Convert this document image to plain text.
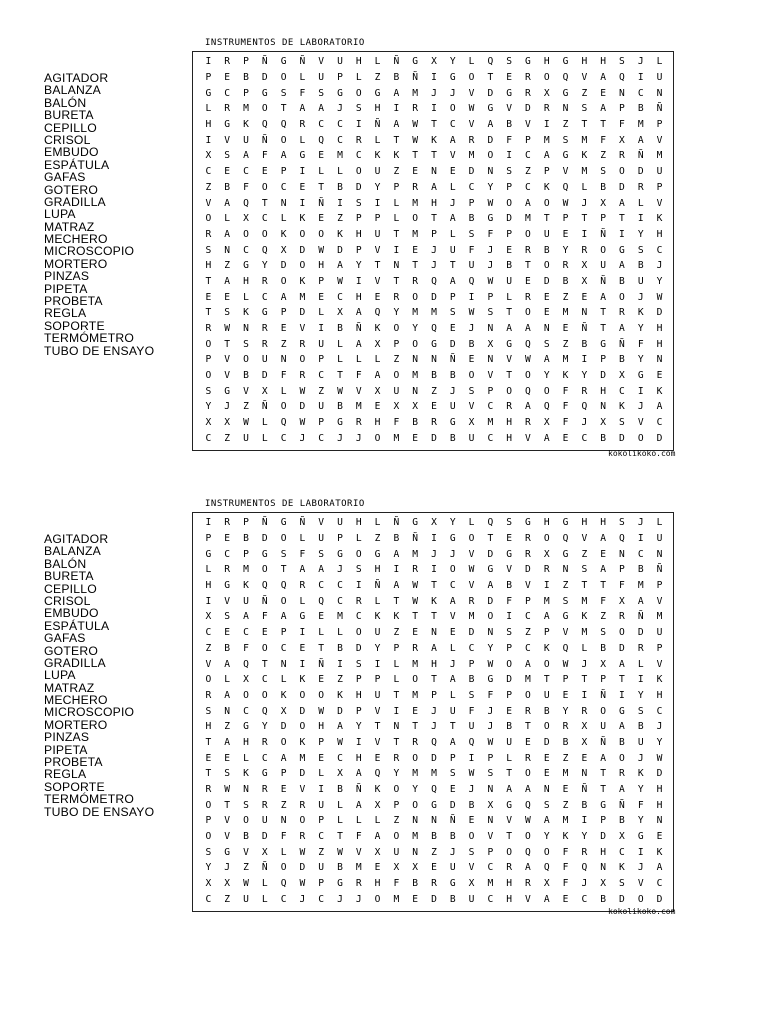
INSTRUMENTOS DE LABORATORIO
AGITADOR
BALANZA
BALÓN
BURETA
CEPILLO
CRISOL
EMBUDO
ESPÁTULA
GAFAS
GOTERO
GRADILLA
LUPA
MATRAZ
MECHERO
MICROSCOPIO
MORTERO
PINZAS
PIPETA
PROBETA
REGLA
SOPORTE
TERMÓMETRO
TUBO DE ENSAYO
I	R	P	Ñ	G	Ñ	V	U	H	L	Ñ	G	X	Y	L	Q	S	G	H	G	H	H	S	J	L
P	E	B	D	O	L	U	P	L	Z	B	Ñ	I	G	O	T	E	R	O	Q	V	A	Q	I	U
G	C	P	G	S	F	S	G	O	G	A	M	J	J	V	D	G	R	X	G	Z	E	N	C	N
L	R	M	O	T	A	A	J	S	H	I	R	I	O	W	G	V	D	R	N	S	A	P	B	Ñ
H	G	K	Q	Q	R	C	C	I	Ñ	A	W	T	C	V	A	B	V	I	Z	T	T	F	M	P
I	V	U	Ñ	O	L	Q	C	R	L	T	W	K	A	R	D	F	P	M	S	M	F	X	A	V
X	S	A	F	A	G	E	M	C	K	K	T	T	V	M	O	I	C	A	G	K	Z	R	Ñ	M
C	E	C	E	P	I	L	L	O	U	Z	E	N	E	D	N	S	Z	P	V	M	S	O	D	U
Z	B	F	O	C	E	T	B	D	Y	P	R	A	L	C	Y	P	C	K	Q	L	B	D	R	P
V	A	Q	T	N	I	Ñ	I	S	I	L	M	H	J	P	W	O	A	O	W	J	X	A	L	V
O	L	X	C	L	K	E	Z	P	P	L	O	T	A	B	G	D	M	T	P	T	P	T	I	K
R	A	O	O	K	O	O	K	H	U	T	M	P	L	S	F	P	O	U	E	I	Ñ	I	Y	H
S	N	C	Q	X	D	W	D	P	V	I	E	J	U	F	J	E	R	B	Y	R	O	G	S	C
H	Z	G	Y	D	O	H	A	Y	T	N	T	J	T	U	J	B	T	O	R	X	U	A	B	J
T	A	H	R	O	K	P	W	I	V	T	R	Q	A	Q	W	U	E	D	B	X	Ñ	B	U	Y
E	E	L	C	A	M	E	C	H	E	R	O	D	P	I	P	L	R	E	Z	E	A	O	J	W
T	S	K	G	P	D	L	X	A	Q	Y	M	M	S	W	S	T	O	E	M	N	T	R	K	D
R	W	N	R	E	V	I	B	Ñ	K	O	Y	Q	E	J	N	A	A	N	E	Ñ	T	A	Y	H
O	T	S	R	Z	R	U	L	A	X	P	O	G	D	B	X	G	Q	S	Z	B	G	Ñ	F	H
P	V	O	U	N	O	P	L	L	L	Z	N	N	Ñ	E	N	V	W	A	M	I	P	B	Y	N
O	V	B	D	F	R	C	T	F	A	O	M	B	B	O	V	T	O	Y	K	Y	D	X	G	E
S	G	V	X	L	W	Z	W	V	X	U	N	Z	J	S	P	O	Q	O	F	R	H	C	I	K
Y	J	Z	Ñ	O	D	U	B	M	E	X	X	E	U	V	C	R	A	Q	F	Q	N	K	J	A
X	X	W	L	Q	W	P	G	R	H	F	B	R	G	X	M	H	R	X	F	J	X	S	V	C
C	Z	U	L	C	J	C	J	J	O	M	E	D	B	U	C	H	V	A	E	C	B	D	O	D
kokolikoko.com
INSTRUMENTOS DE LABORATORIO
AGITADOR
BALANZA
BALÓN
BURETA
CEPILLO
CRISOL
EMBUDO
ESPÁTULA
GAFAS
GOTERO
GRADILLA
LUPA
MATRAZ
MECHERO
MICROSCOPIO
MORTERO
PINZAS
PIPETA
PROBETA
REGLA
SOPORTE
TERMÓMETRO
TUBO DE ENSAYO
I	R	P	Ñ	G	Ñ	V	U	H	L	Ñ	G	X	Y	L	Q	S	G	H	G	H	H	S	J	L
P	E	B	D	O	L	U	P	L	Z	B	Ñ	I	G	O	T	E	R	O	Q	V	A	Q	I	U
G	C	P	G	S	F	S	G	O	G	A	M	J	J	V	D	G	R	X	G	Z	E	N	C	N
L	R	M	O	T	A	A	J	S	H	I	R	I	O	W	G	V	D	R	N	S	A	P	B	Ñ
H	G	K	Q	Q	R	C	C	I	Ñ	A	W	T	C	V	A	B	V	I	Z	T	T	F	M	P
I	V	U	Ñ	O	L	Q	C	R	L	T	W	K	A	R	D	F	P	M	S	M	F	X	A	V
X	S	A	F	A	G	E	M	C	K	K	T	T	V	M	O	I	C	A	G	K	Z	R	Ñ	M
C	E	C	E	P	I	L	L	O	U	Z	E	N	E	D	N	S	Z	P	V	M	S	O	D	U
Z	B	F	O	C	E	T	B	D	Y	P	R	A	L	C	Y	P	C	K	Q	L	B	D	R	P
V	A	Q	T	N	I	Ñ	I	S	I	L	M	H	J	P	W	O	A	O	W	J	X	A	L	V
O	L	X	C	L	K	E	Z	P	P	L	O	T	A	B	G	D	M	T	P	T	P	T	I	K
R	A	O	O	K	O	O	K	H	U	T	M	P	L	S	F	P	O	U	E	I	Ñ	I	Y	H
S	N	C	Q	X	D	W	D	P	V	I	E	J	U	F	J	E	R	B	Y	R	O	G	S	C
H	Z	G	Y	D	O	H	A	Y	T	N	T	J	T	U	J	B	T	O	R	X	U	A	B	J
T	A	H	R	O	K	P	W	I	V	T	R	Q	A	Q	W	U	E	D	B	X	Ñ	B	U	Y
E	E	L	C	A	M	E	C	H	E	R	O	D	P	I	P	L	R	E	Z	E	A	O	J	W
T	S	K	G	P	D	L	X	A	Q	Y	M	M	S	W	S	T	O	E	M	N	T	R	K	D
R	W	N	R	E	V	I	B	Ñ	K	O	Y	Q	E	J	N	A	A	N	E	Ñ	T	A	Y	H
O	T	S	R	Z	R	U	L	A	X	P	O	G	D	B	X	G	Q	S	Z	B	G	Ñ	F	H
P	V	O	U	N	O	P	L	L	L	Z	N	N	Ñ	E	N	V	W	A	M	I	P	B	Y	N
O	V	B	D	F	R	C	T	F	A	O	M	B	B	O	V	T	O	Y	K	Y	D	X	G	E
S	G	V	X	L	W	Z	W	V	X	U	N	Z	J	S	P	O	Q	O	F	R	H	C	I	K
Y	J	Z	Ñ	O	D	U	B	M	E	X	X	E	U	V	C	R	A	Q	F	Q	N	K	J	A
X	X	W	L	Q	W	P	G	R	H	F	B	R	G	X	M	H	R	X	F	J	X	S	V	C
C	Z	U	L	C	J	C	J	J	O	M	E	D	B	U	C	H	V	A	E	C	B	D	O	D
kokolikoko.com
